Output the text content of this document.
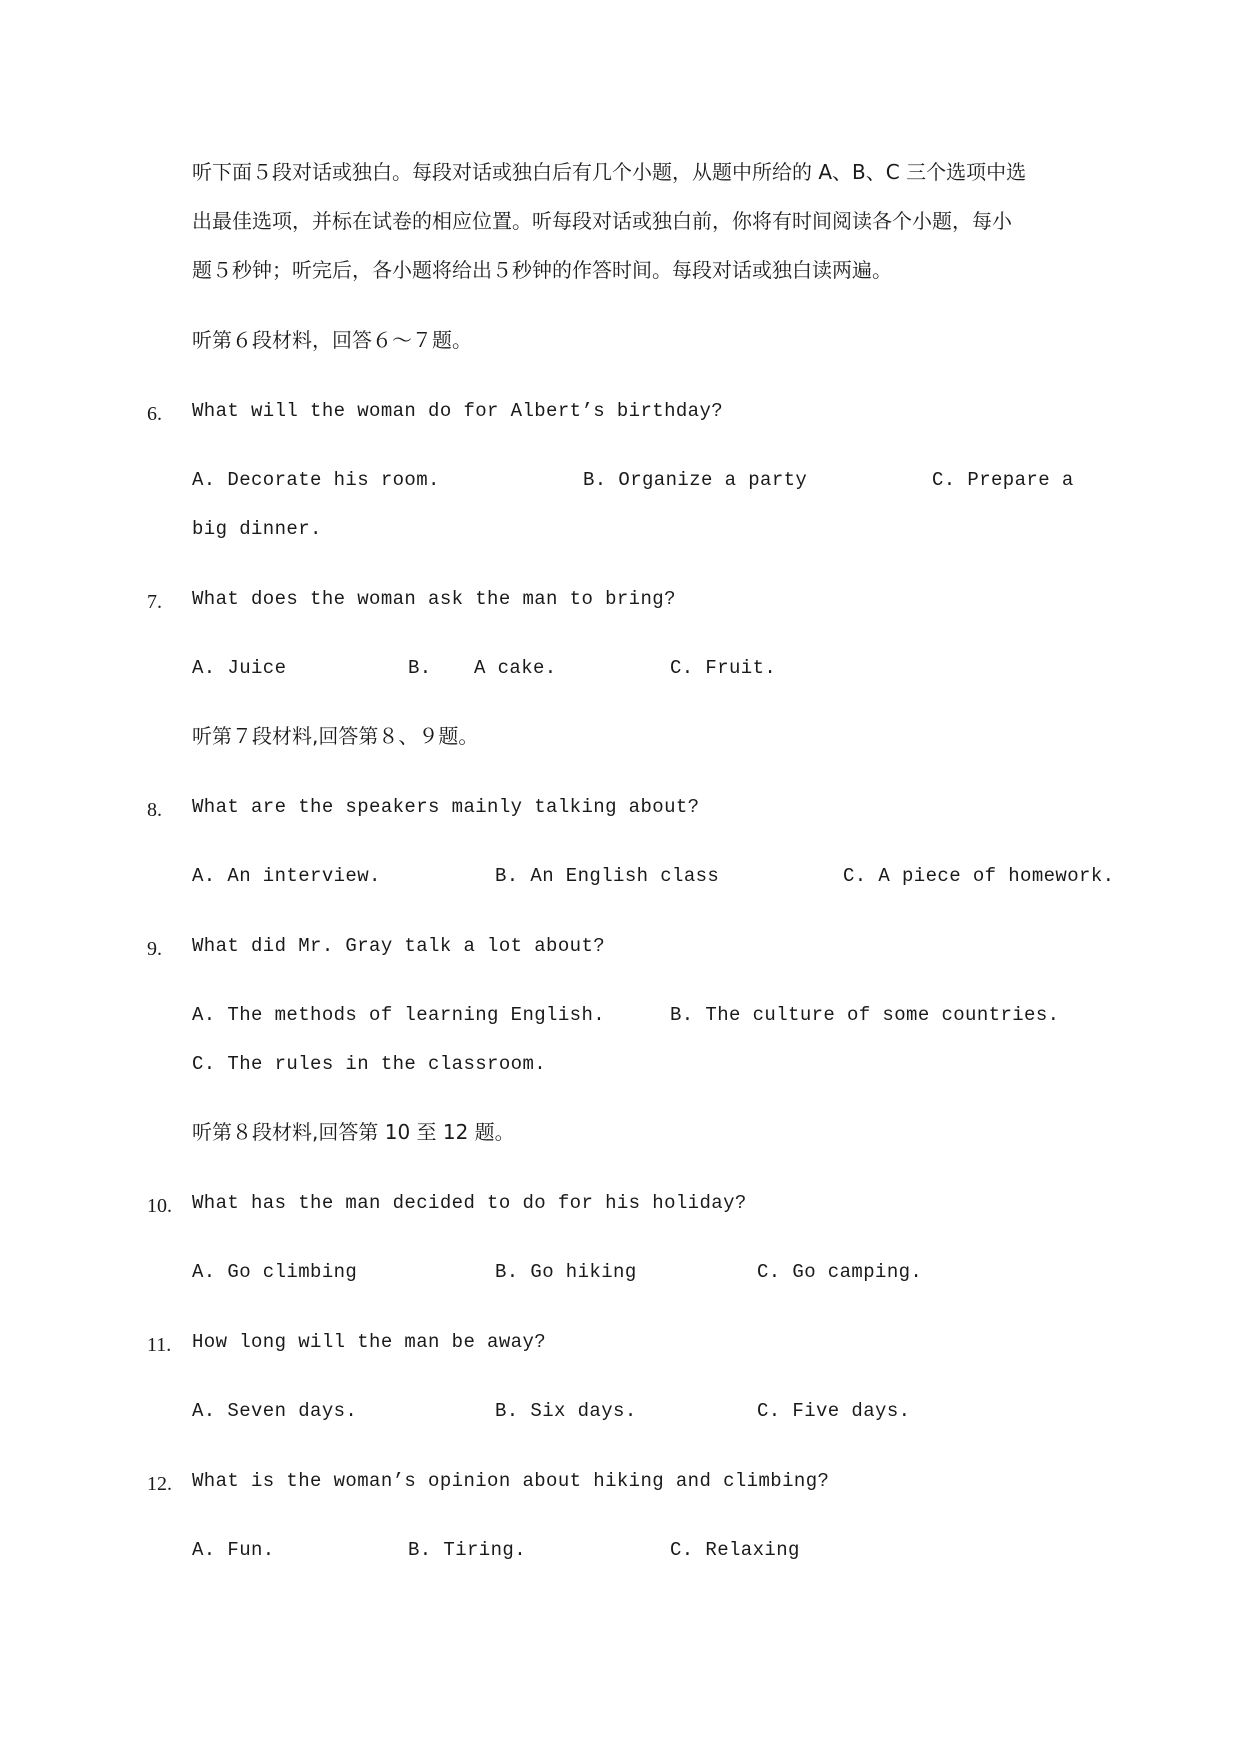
听下面５段对话或独白。每段对话或独白后有几个小题，从题中所给的 A、B、C 三个选项中选
出最佳选项，并标在试卷的相应位置。听每段对话或独白前，你将有时间阅读各个小题，每小
题５秒钟；听完后，各小题将给出５秒钟的作答时间。每段对话或独白读两遍。
听第６段材料，回答６～７题。
6. What will the woman do for Albert’s birthday?
A. Decorate his room.	B. Organize a party	C. Prepare a
big dinner.
7. What does the woman ask the man to bring?
A. Juice	B. A cake.	C. Fruit.
听第７段材料,回答第８、９题。
8. What are the speakers mainly talking about?
A. An interview.	B. An English class	C. A piece of homework.
9. What did Mr. Gray talk a lot about?
A. The methods of learning English.	B. The culture of some countries.
C. The rules in the classroom.
听第８段材料,回答第 10 至 12 题。
10. What has the man decided to do for his holiday?
A. Go climbing	B. Go hiking	C. Go camping.
11. How long will the man be away?
A. Seven days.	B. Six days.	C. Five days.
12. What is the woman’s opinion about hiking and climbing?
A. Fun.	B. Tiring.	C. Relaxing
